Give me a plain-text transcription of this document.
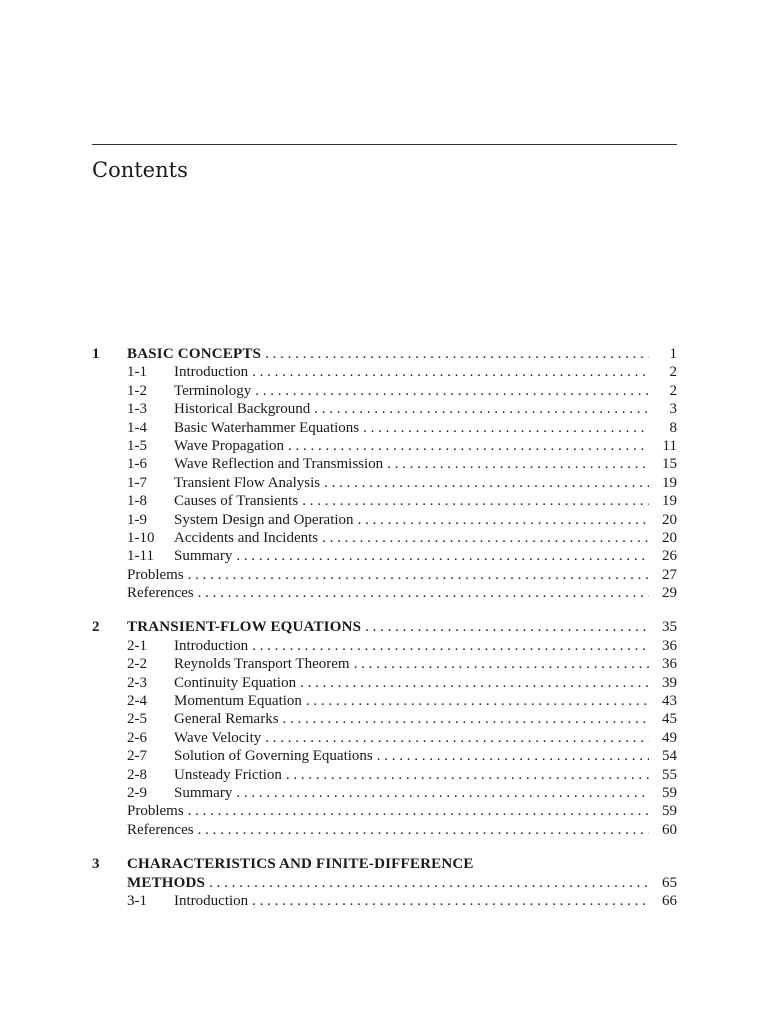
Contents
1 BASIC CONCEPTS . . .	1
1-1	Introduction . . .	2
1-2	Terminology . . .	2
1-3	Historical Background . . .	3
1-4	Basic Waterhammer Equations . . .	8
1-5	Wave Propagation . . .	11
1-6	Wave Reflection and Transmission . . .	15
1-7	Transient Flow Analysis . . .	19
1-8	Causes of Transients . . .	19
1-9	System Design and Operation . . .	20
1-10	Accidents and Incidents . . .	20
1-11	Summary . . .	26
Problems . . .	27
References . . .	29
2 TRANSIENT-FLOW EQUATIONS . . .	35
2-1	Introduction . . .	36
2-2	Reynolds Transport Theorem . . .	36
2-3	Continuity Equation . . .	39
2-4	Momentum Equation . . .	43
2-5	General Remarks . . .	45
2-6	Wave Velocity . . .	49
2-7	Solution of Governing Equations . . .	54
2-8	Unsteady Friction . . .	55
2-9	Summary . . .	59
Problems . . .	59
References . . .	60
3 CHARACTERISTICS AND FINITE-DIFFERENCE
METHODS . . .	65
3-1	Introduction . . .	66
